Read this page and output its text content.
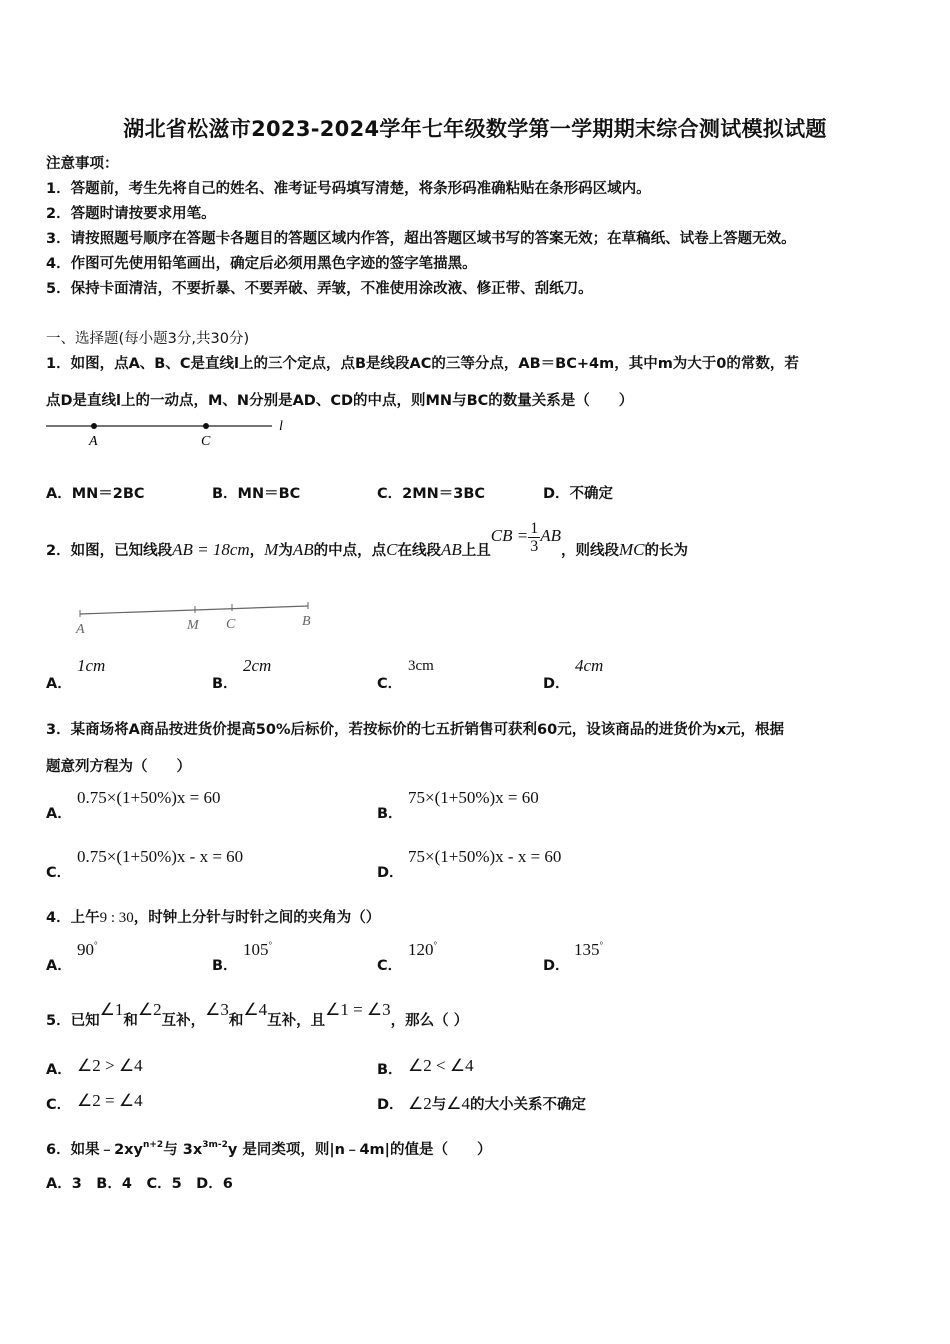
湖北省松滋市2023-2024学年七年级数学第一学期期末综合测试模拟试题
注意事项：
1．答题前，考生先将自己的姓名、准考证号码填写清楚，将条形码准确粘贴在条形码区域内。
2．答题时请按要求用笔。
3．请按照题号顺序在答题卡各题目的答题区域内作答，超出答题区域书写的答案无效；在草稿纸、试卷上答题无效。
4．作图可先使用铅笔画出，确定后必须用黑色字迹的签字笔描黑。
5．保持卡面清洁，不要折暴、不要弄破、弄皱，不准使用涂改液、修正带、刮纸刀。
一、选择题(每小题3分,共30分)
1．如图，点A、B、C是直线l上的三个定点，点B是线段AC的三等分点，AB＝BC+4m，其中m为大于0的常数，若
点D是直线l上的一动点，M、N分别是AD、CD的中点，则MN与BC的数量关系是（　　）
A	C
l
A．MN＝2BC	B．MN＝BC	C．2MN＝3BC	D．不确定
2．如图，已知线段AB = 18cm，M为AB的中点，点C在线段AB上且CB = $\frac{1}{3}$ AB，则线段MC的长为
A	M C	B
A．
1cm
B．
2cm
C．
3cm
D．
4cm
3．某商场将A商品按进货价提高50%后标价，若按标价的七五折销售可获利60元，设该商品的进货价为x元，根据
题意列方程为（　　）
A．
0.75×(1+50%)x = 60
B．
75×(1+50%)x = 60
C．
0.75×(1+50%)x - x = 60
D．
75×(1+50%)x - x = 60
4．上午9 : 30，时钟上分针与时针之间的夹角为（）
A．
90°
B．
105°
C．
120°
D．
135°
5．已知∠1和∠2互补，∠3和∠4互补，且∠1 = ∠3，那么（ ）
A． ∠2 > ∠4	B． ∠2 < ∠4
C． ∠2 = ∠4	D． ∠2与∠4的大小关系不确定
6．如果$﹣2xy^{n+2}$与 $3x^{3m-2}y$ 是同类项，则|n﹣4m|的值是（　　）
A．3　B．4　C．5　D．6
